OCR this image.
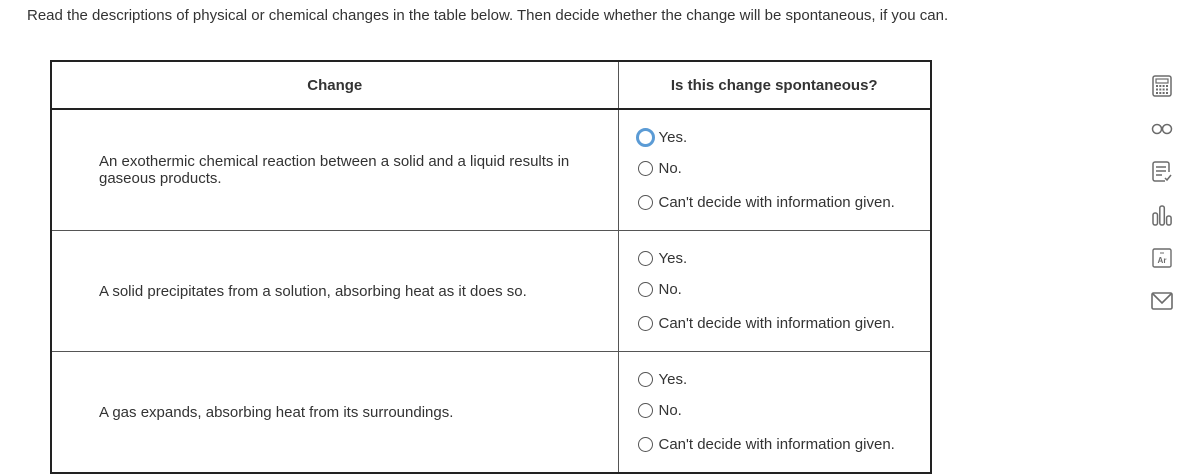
Read the descriptions of physical or chemical changes in the table below. Then decide whether the change will be spontaneous, if you can.
Change	Is this change spontaneous?
An exothermic chemical reaction between a solid and a liquid results in gaseous products.	Yes.
No.
Can't decide with information given.

A solid precipitates from a solution, absorbing heat as it does so.	Yes.
No.
Can't decide with information given.

A gas expands, absorbing heat from its surroundings.	Yes.
No.
Can't decide with information given.
Ar
